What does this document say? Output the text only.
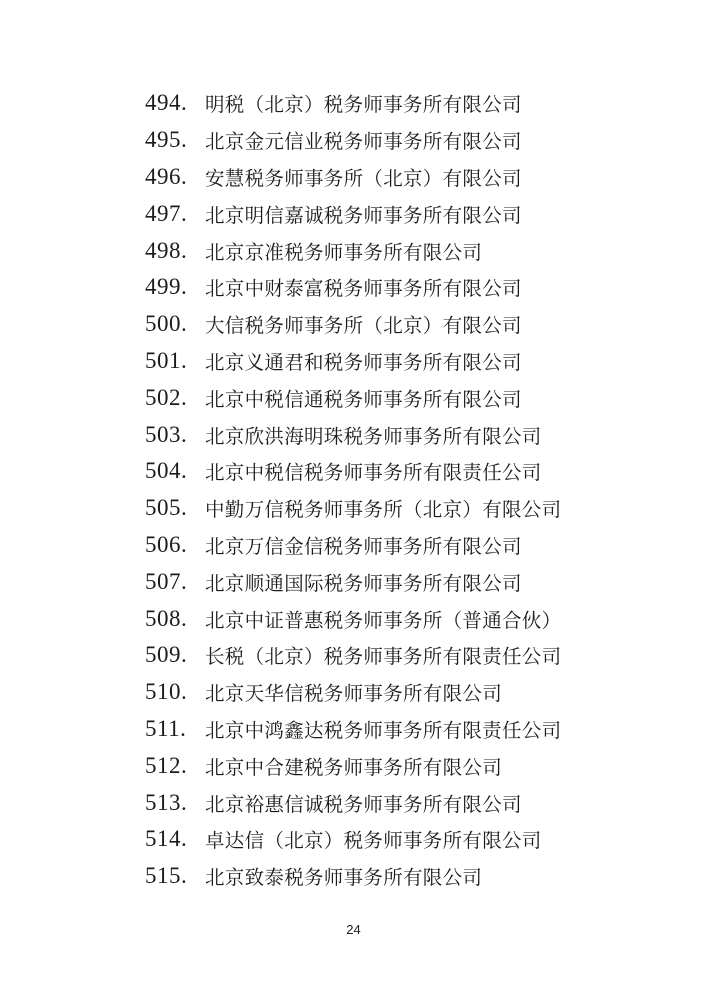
494. 明税（北京）税务师事务所有限公司
495. 北京金元信业税务师事务所有限公司
496. 安慧税务师事务所（北京）有限公司
497. 北京明信嘉诚税务师事务所有限公司
498. 北京京准税务师事务所有限公司
499. 北京中财泰富税务师事务所有限公司
500. 大信税务师事务所（北京）有限公司
501. 北京义通君和税务师事务所有限公司
502. 北京中税信通税务师事务所有限公司
503. 北京欣洪海明珠税务师事务所有限公司
504. 北京中税信税务师事务所有限责任公司
505. 中勤万信税务师事务所（北京）有限公司
506. 北京万信金信税务师事务所有限公司
507. 北京顺通国际税务师事务所有限公司
508. 北京中证普惠税务师事务所（普通合伙）
509. 长税（北京）税务师事务所有限责任公司
510. 北京天华信税务师事务所有限公司
511. 北京中鸿鑫达税务师事务所有限责任公司
512. 北京中合建税务师事务所有限公司
513. 北京裕惠信诚税务师事务所有限公司
514. 卓达信（北京）税务师事务所有限公司
515. 北京致泰税务师事务所有限公司
24
